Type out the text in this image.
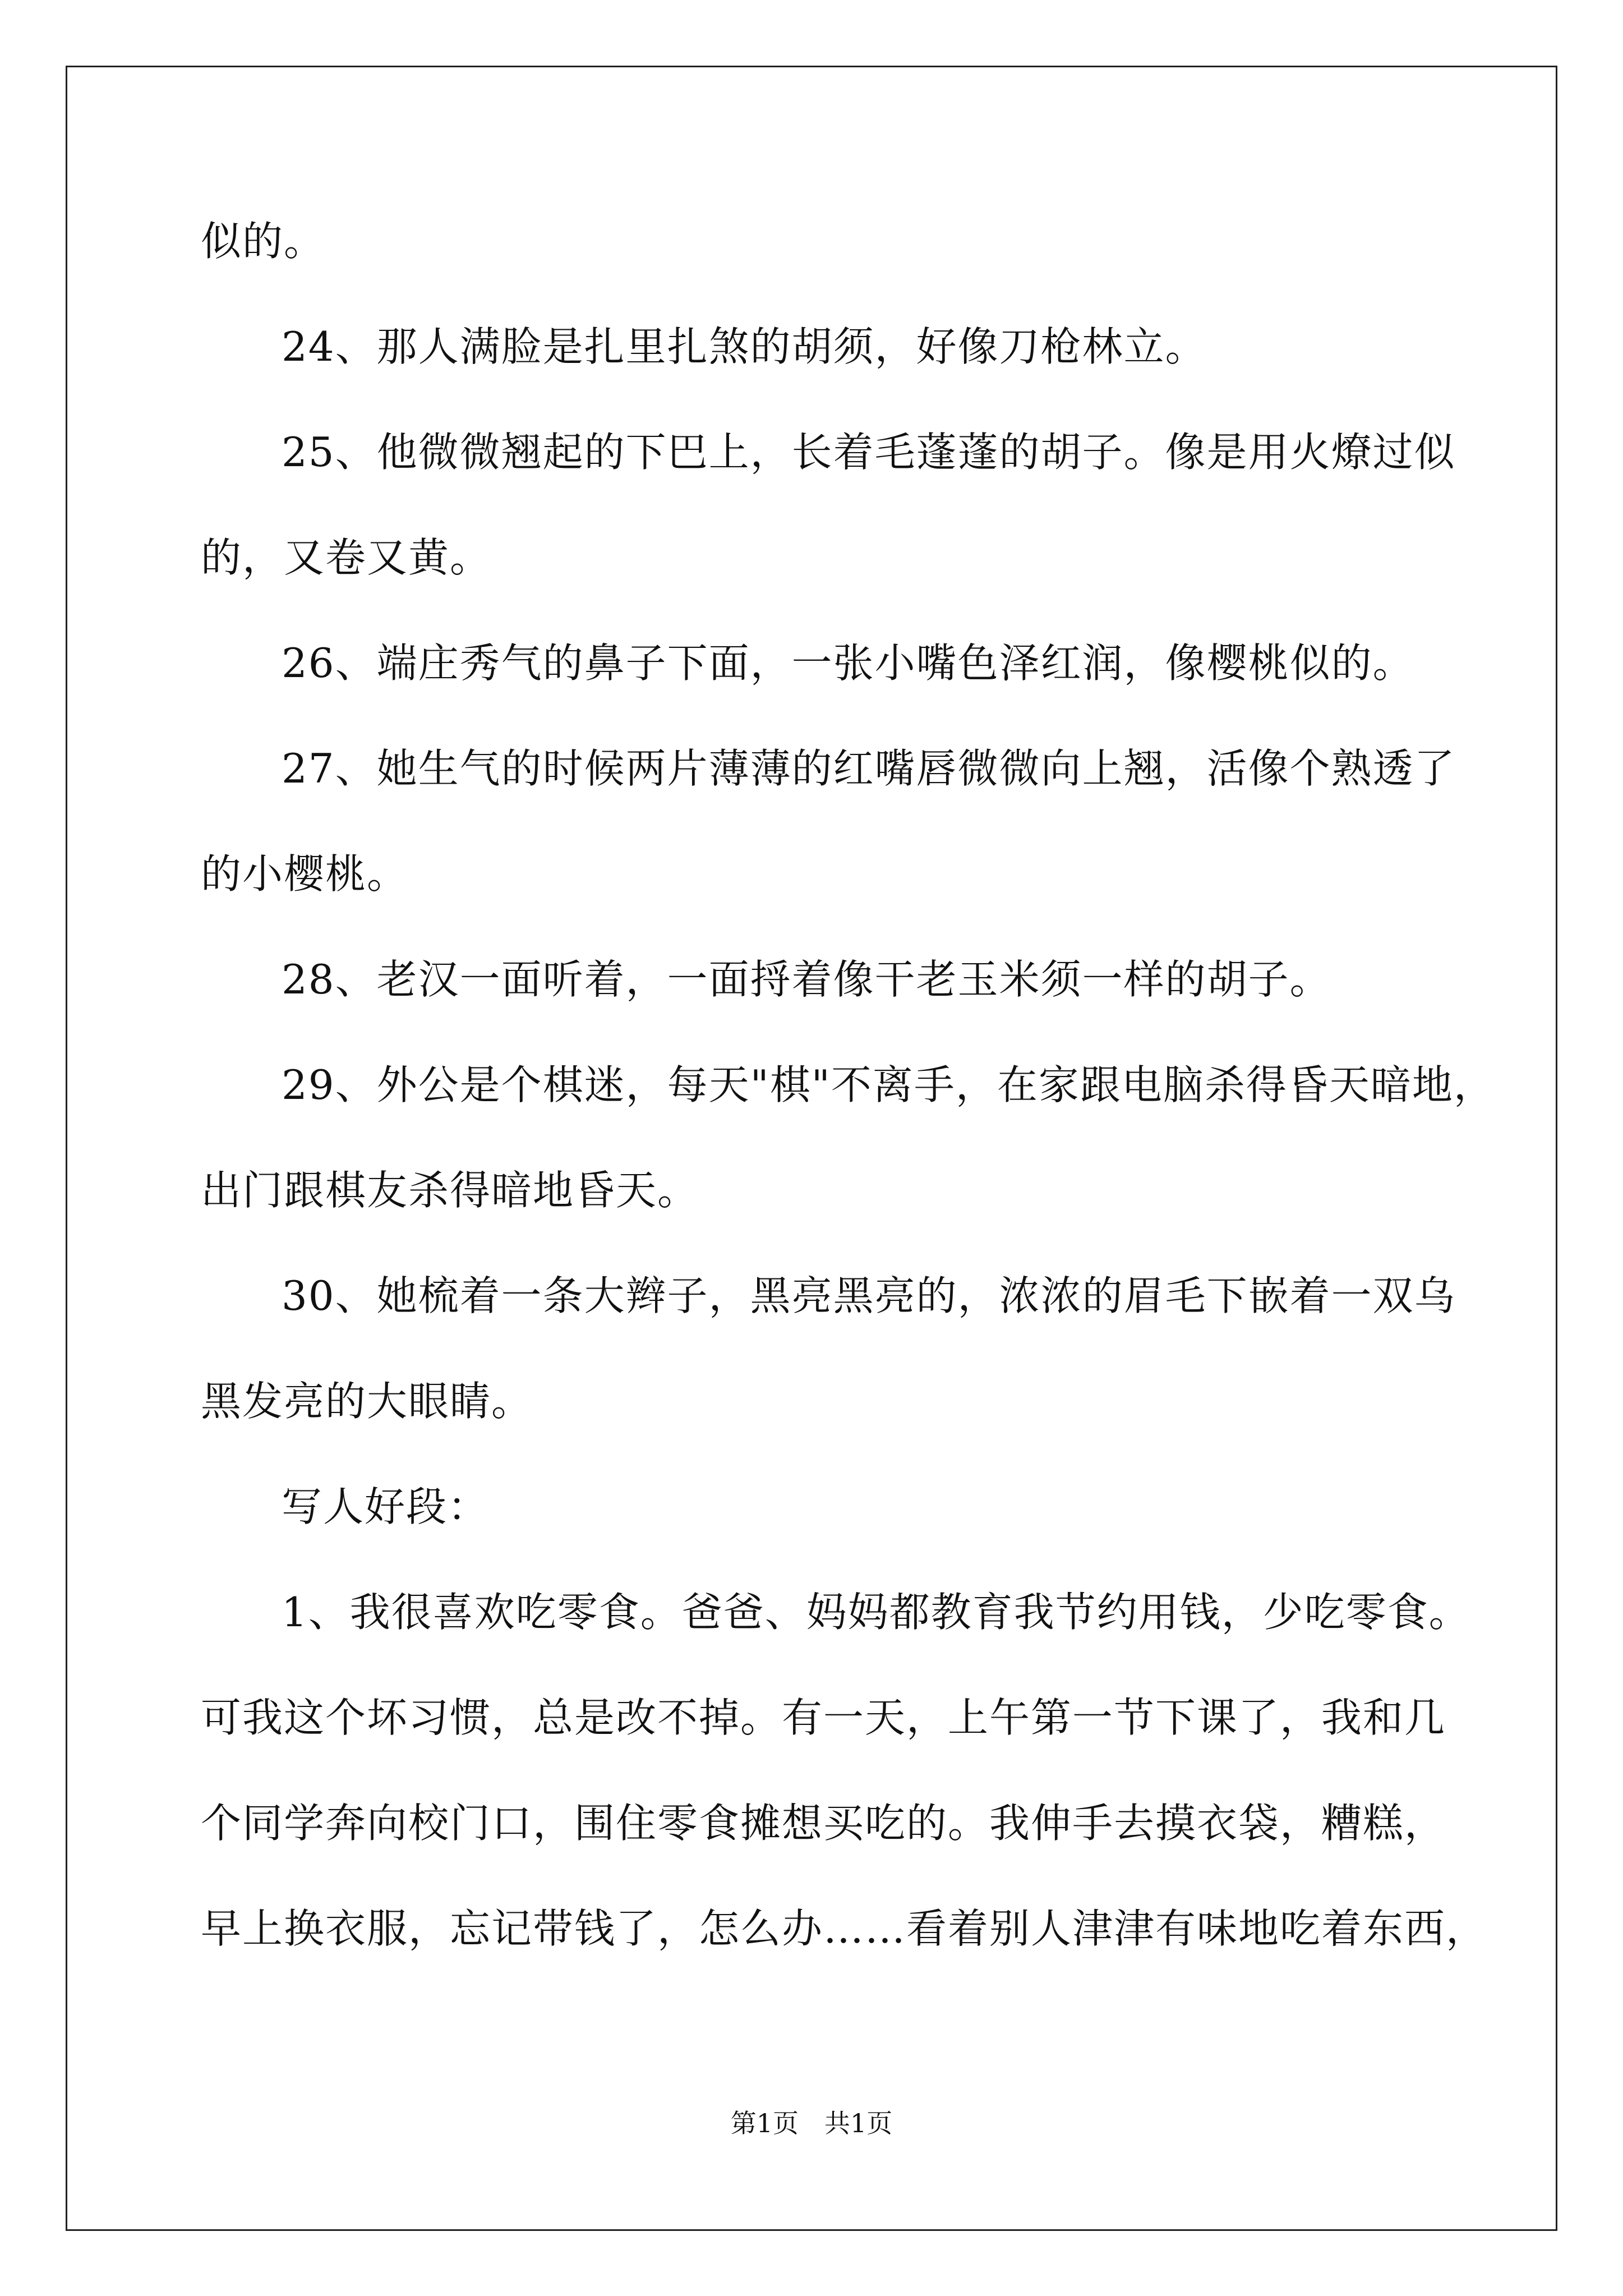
似的。
24、那人满脸是扎里扎煞的胡须，好像刀枪林立。
25、他微微翘起的下巴上，长着毛蓬蓬的胡子。像是用火燎过似
的，又卷又黄。
26、端庄秀气的鼻子下面，一张小嘴色泽红润，像樱桃似的。
27、她生气的时候两片薄薄的红嘴唇微微向上翘，活像个熟透了
的小樱桃。
28、老汉一面听着，一面捋着像干老玉米须一样的胡子。
29、外公是个棋迷，每天"棋"不离手，在家跟电脑杀得昏天暗地，
出门跟棋友杀得暗地昏天。
30、她梳着一条大辫子，黑亮黑亮的，浓浓的眉毛下嵌着一双乌
黑发亮的大眼睛。
写人好段：
1、我很喜欢吃零食。爸爸、妈妈都教育我节约用钱，少吃零食。
可我这个坏习惯，总是改不掉。有一天，上午第一节下课了，我和几
个同学奔向校门口，围住零食摊想买吃的。我伸手去摸衣袋，糟糕，
早上换衣服，忘记带钱了，怎么办……看着别人津津有味地吃着东西，
第1页　共1页
